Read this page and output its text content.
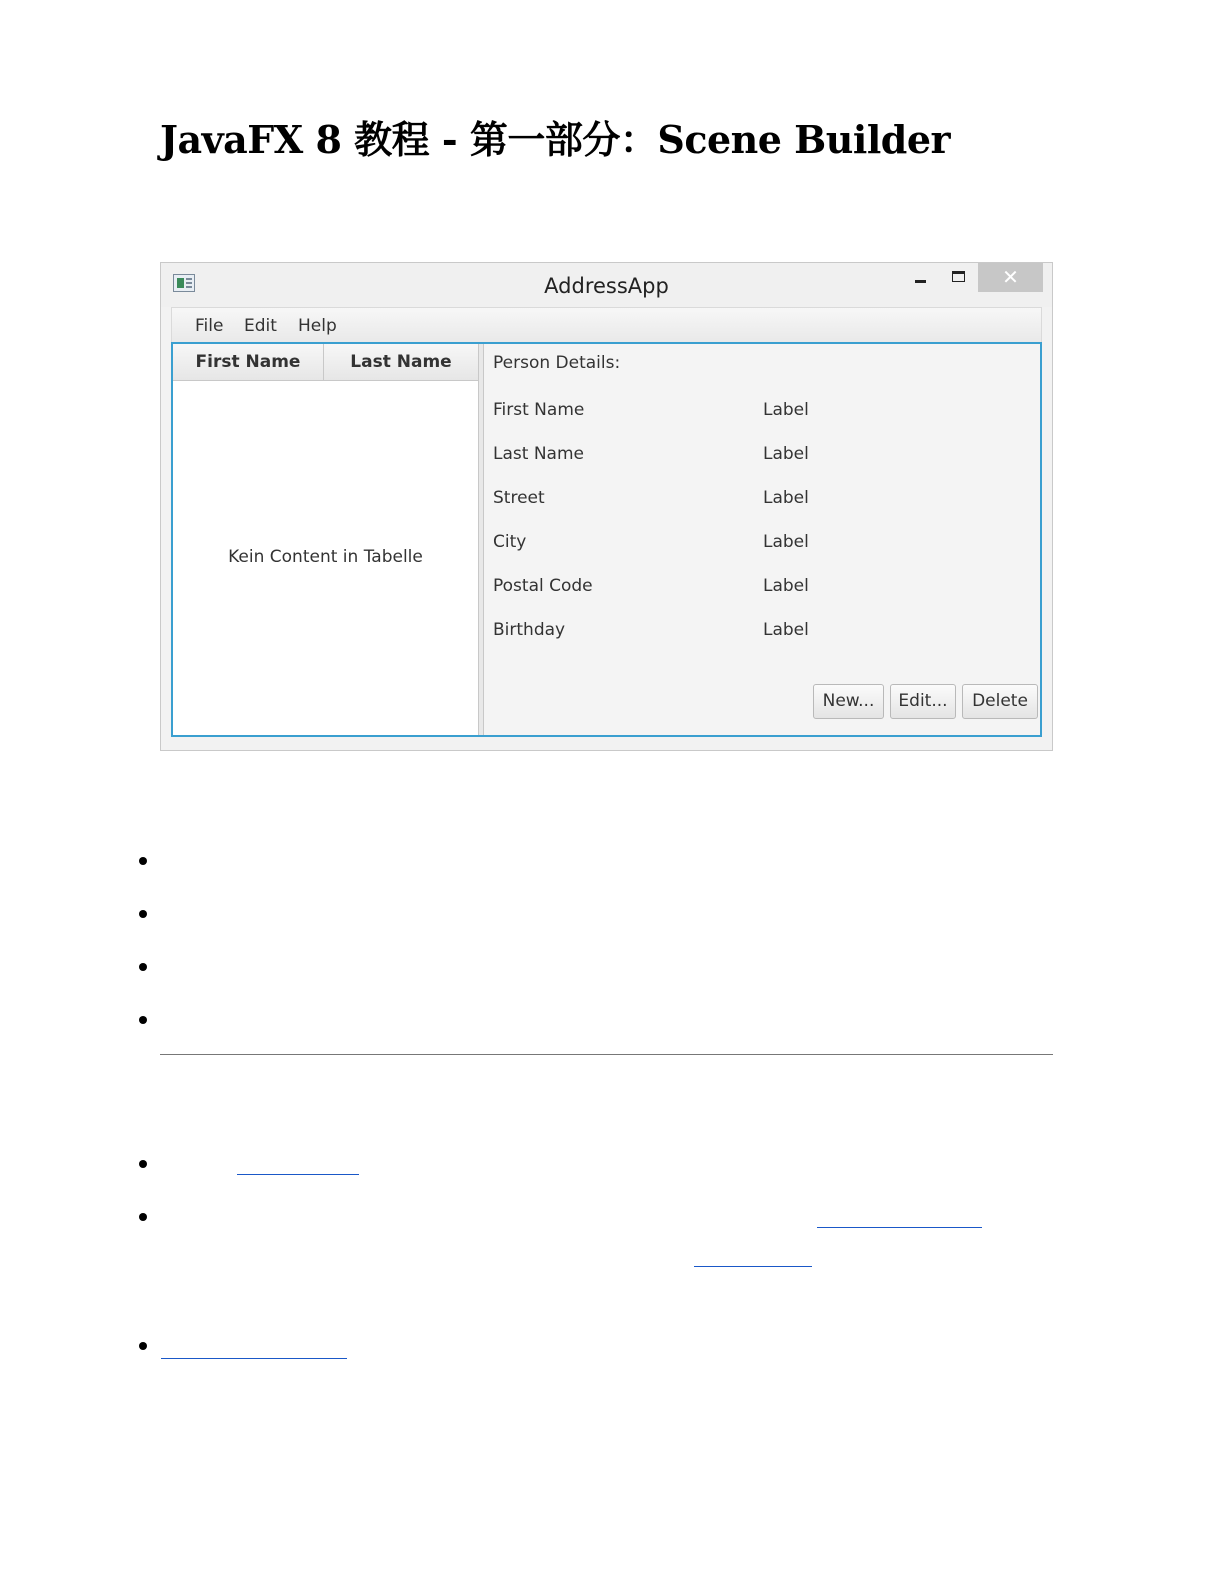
JavaFX 8 教程 - 第一部分：Scene Builder
AddressApp	✕
File Edit Help
First Name	Last Name
Kein Content in Tabelle
Person Details:
First Name	Label
Last Name	Label
Street	Label
City	Label
Postal Code	Label
Birthday	Label
New...	Edit...	Delete
